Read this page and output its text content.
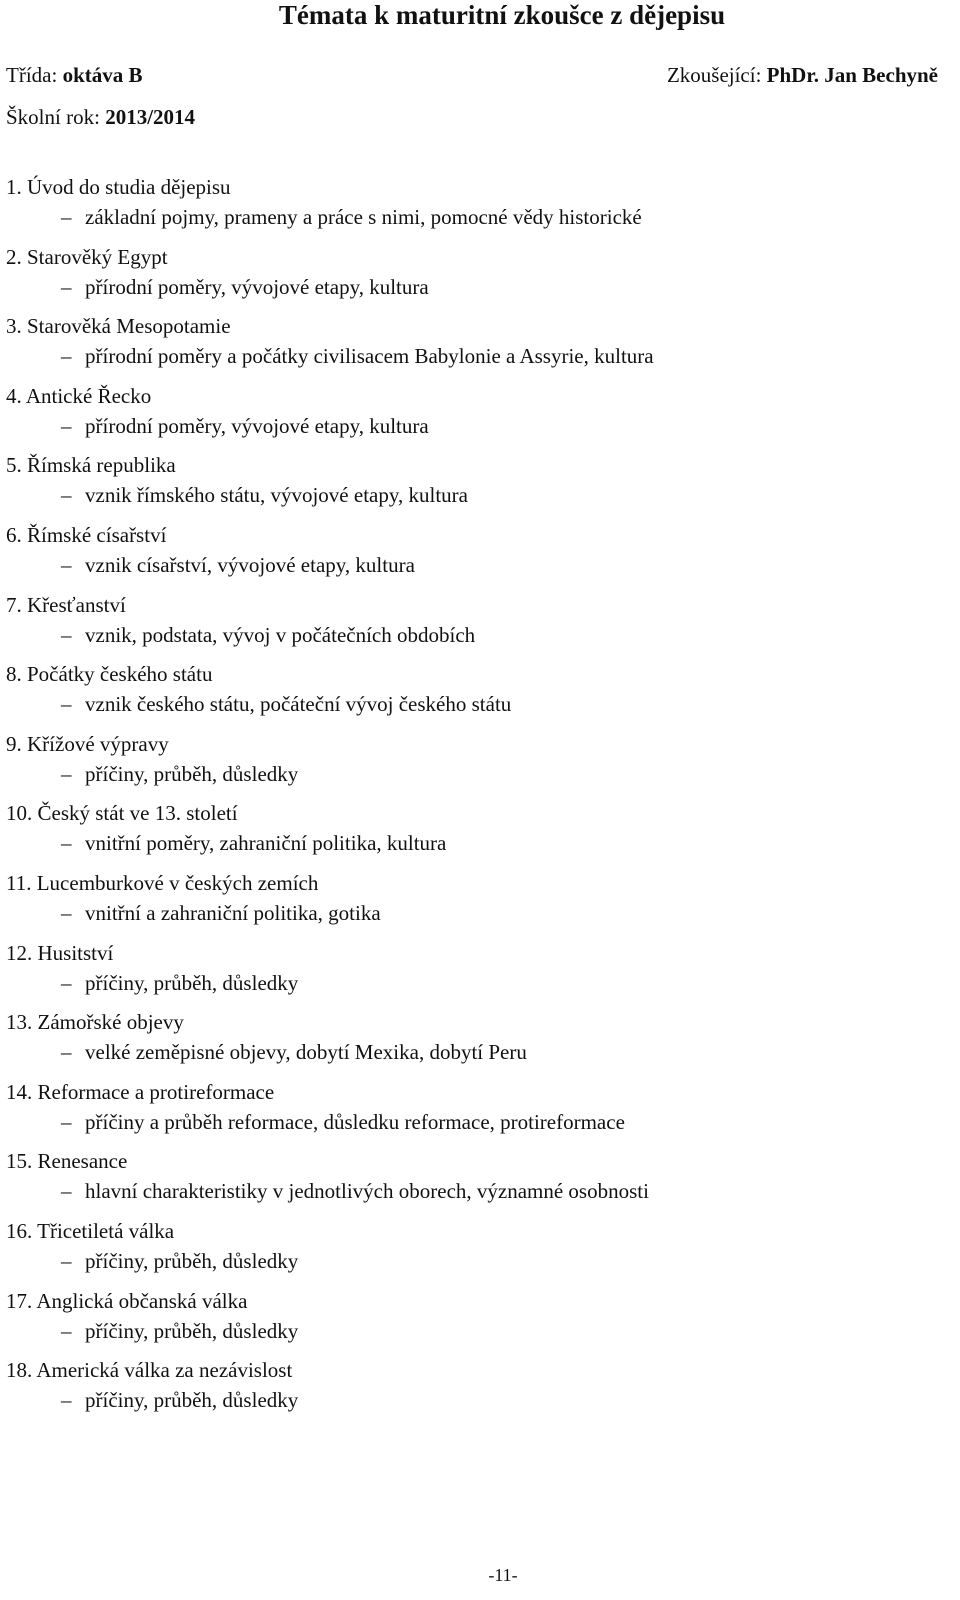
Témata k maturitní zkoušce z dějepisu
Třída: oktáva B	Zkoušející: PhDr. Jan Bechyně
Školní rok: 2013/2014
1. Úvod do studia dějepisu
– základní pojmy, prameny a práce s nimi, pomocné vědy historické
2. Starověký Egypt
– přírodní poměry, vývojové etapy, kultura
3. Starověká Mesopotamie
– přírodní poměry a počátky civilisacem Babylonie a Assyrie, kultura
4. Antické Řecko
– přírodní poměry, vývojové etapy, kultura
5. Římská republika
– vznik římského státu, vývojové etapy, kultura
6. Římské císařství
– vznik císařství, vývojové etapy, kultura
7. Křesťanství
– vznik, podstata, vývoj v počátečních obdobích
8. Počátky českého státu
– vznik českého státu, počáteční vývoj českého státu
9. Křížové výpravy
– příčiny, průběh, důsledky
10. Český stát ve 13. století
– vnitřní poměry, zahraniční politika, kultura
11. Lucemburkové v českých zemích
– vnitřní a zahraniční politika, gotika
12. Husitství
– příčiny, průběh, důsledky
13. Zámořské objevy
– velké zeměpisné objevy, dobytí Mexika, dobytí Peru
14. Reformace a protireformace
– příčiny a průběh reformace, důsledku reformace, protireformace
15. Renesance
– hlavní charakteristiky v jednotlivých oborech, významné osobnosti
16. Třicetiletá válka
– příčiny, průběh, důsledky
17. Anglická občanská válka
– příčiny, průběh, důsledky
18. Americká válka za nezávislost
– příčiny, průběh, důsledky
-11-
